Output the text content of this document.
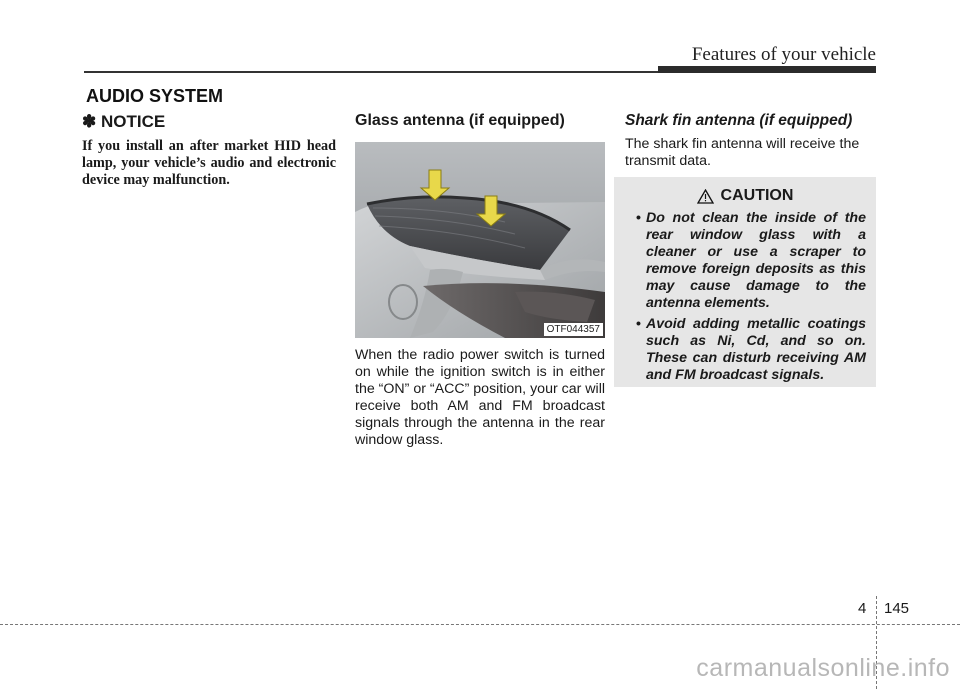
Features of your vehicle
AUDIO SYSTEM
✽ NOTICE
If you install an after market HID head lamp, your vehicle’s audio and electronic device may malfunction.
Glass antenna (if equipped)
OTF044357
When the radio power switch is turned on while the ignition switch is in either the “ON” or “ACC” position, your car will receive both AM and FM broadcast signals through the antenna in the rear window glass.
Shark fin antenna (if equipped)
The shark fin antenna will receive the transmit data.
CAUTION
• Do not clean the inside of the rear window glass with a cleaner or use a scraper to remove foreign deposits as this may cause damage to the antenna elements.
• Avoid adding metallic coatings such as Ni, Cd, and so on. These can disturb receiving AM and FM broadcast signals.
4 145
carmanualsonline.info
